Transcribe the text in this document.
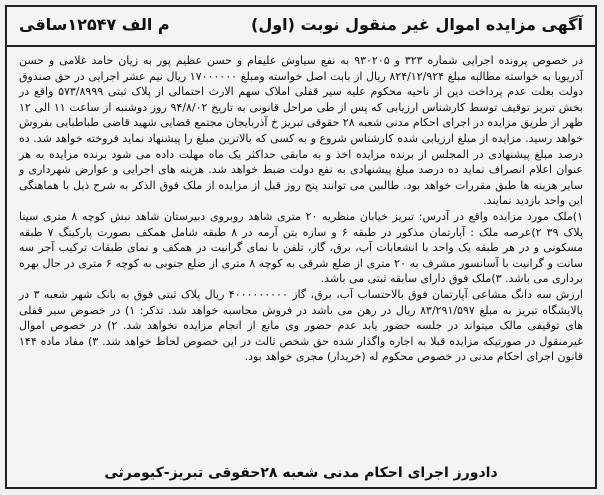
آگهی مزایده اموال غیر منقول نوبت (اول)
م الف ۱۲۵۴۷ساقی

در خصوص پرونده اجرایی شماره ۳۲۳ و ۹۳۰۲۰۵ به نفع سیاوش علیفام و حسن عظیم پور به زیان حامد غلامی و حسن آذریویا به خواسته مطالبه مبلغ ۸۲۴/۱۲/۹۲۴ ریال از بابت اصل خواسته ومبلغ ۱۷۰۰۰۰۰۰ ریال نیم عشر اجرایی در حق صندوق دولت بعلت عدم پرداخت دین از ناحیه محکوم علیه سیر قفلی املاک سهم الارث احتمالی از پلاک ثبتی ۵۷۳/۸۹۹۹ واقع در بخش تبریز توقیف توسط کارشناس ارزیابی که پس از طی مراحل قانونی به تاریخ ۹۴/۸/۰۲ روز دوشنبه از ساعت ۱۱ الی ۱۲ ظهر از طریق مزایده در اجرای احکام مدنی شعبه ۲۸ حقوقی تبریز خ آذربایجان مجتمع قضایی شهید قاضی طباطبایی بفروش خواهد رسید. مزایده از مبلغ ارزیابی شده کارشناس شروع و به کسی که بالاترین مبلغ را پیشنهاد نماید فروخته خواهد شد. ده درصد مبلغ پیشنهادی در المجلس از برنده مزایده اخذ و به مابقی حداکثر یک ماه مهلت داده می شود برنده مزایده به هر عنوان اعلام انصراف نماید ده درصد مبلغ پیشنهادی به نفع دولت ضبط خواهد شد. هزینه های اجرایی و عوارض شهرداری و سایر هزینه ها طبق مقررات خواهد بود. طالبین می توانند پنج روز قبل از مزایده از ملک فوق الذکر به شرح ذیل با هماهنگی این واحد بازدید نمایند.

۱)ملک مورد مزایده واقع در آدرس: تبریز خیابان منظریه ۲۰ متری شاهد روبروی دبیرستان شاهد نبش کوچه ۸ متری سینا پلاک ۳۹ ۲)عرصه ملک : آپارتمان مذکور در طبقه ۶ و سازه بتن آرمه در ۸ طبقه شامل همکف بصورت پارکینگ ۷ طبقه مسکونی و در هر طبقه یک واحد با انشعابات آب، برق، گاز، تلفن با نمای گرانیت در همکف و نمای طبقات ترکیب آجر سه سانت و گرانیت با آسانسور مشرف به ۲۰ متری از ضلع شرقی به کوچه ۸ متری از ضلع جنوبی به کوچه ۶ متری در حال بهره برداری می باشد. ۳)ملک فوق دارای سابقه ثبتی می باشد.

ارزش سه دانگ مشاعی آپارتمان فوق بالاحتساب آب، برق، گاز ۴۰۰۰۰۰۰۰۰۰ ریال پلاک ثبتی فوق به بانک شهر شعبه ۳ در پالایشگاه تبریز به مبلغ ۸۳/۲۹۱/۵۹۷ ریال در رهن می باشد در فروش محاسبه خواهد شد. تذکر: ۱) در خصوص سیر قفلی های توقیفی مالک میتواند در جلسه حضور یابد عدم حضور وی مانع از انجام مزایده نخواهد شد. ۲) در خصوص اموال غیرمنقول در صورتیکه مزایده قبلا به اجاره واگذار شده حق شخص ثالث در این خصوص لحاظ خواهد شد. ۳) مفاد ماده ۱۴۴ قانون اجرای احکام مدنی در خصوص محکوم له (خریدار) مجری خواهد بود.

دادورز اجرای احکام مدنی شعبه ۲۸حقوقی تبریز-کیومرثی
